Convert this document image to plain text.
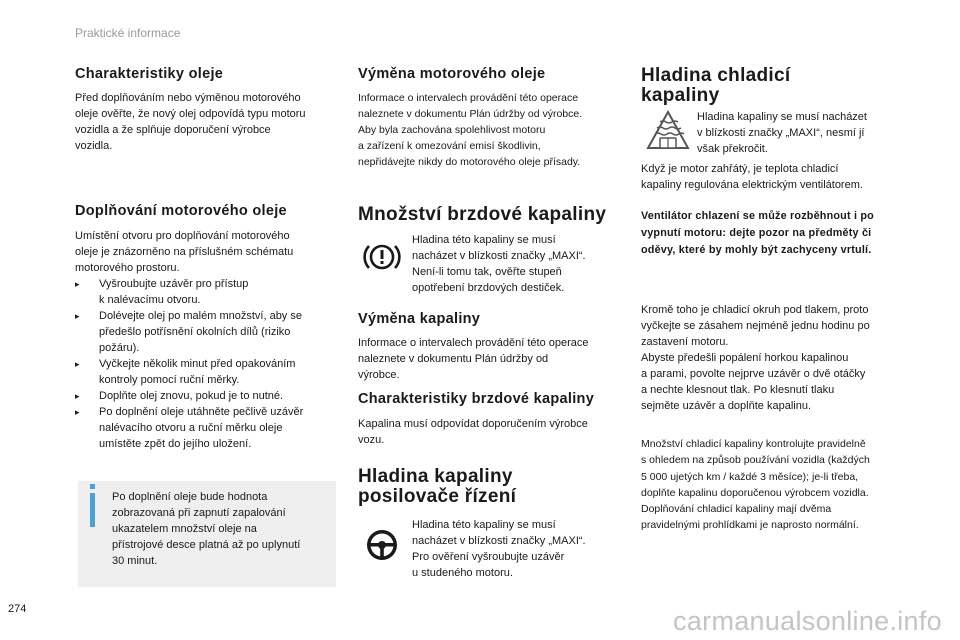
Praktické informace
274	carmanualsonline.info
Charakteristiky oleje
Před doplňováním nebo výměnou motorového
oleje ověřte, že nový olej odpovídá typu motoru
vozidla a že splňuje doporučení výrobce
vozidla.
Doplňování motorového oleje
Umístění otvoru pro doplňování motorového
oleje je znázorněno na příslušném schématu
motorového prostoru.
▸ Vyšroubujte uzávěr pro přístup
k nalévacímu otvoru.
▸ Dolévejte olej po malém množství, aby se
předešlo potřísnění okolních dílů (riziko
požáru).
▸ Vyčkejte několik minut před opakováním
kontroly pomocí ruční měrky.
▸ Doplňte olej znovu, pokud je to nutné.
▸ Po doplnění oleje utáhněte pečlivě uzávěr
nalévacího otvoru a ruční měrku oleje
umístěte zpět do jejího uložení.
Po doplnění oleje bude hodnota
zobrazovaná při zapnutí zapalování
ukazatelem množství oleje na
přístrojové desce platná až po uplynutí
30 minut.
Výměna motorového oleje
Informace o intervalech provádění této operace
naleznete v dokumentu Plán údržby od výrobce.
Aby byla zachována spolehlivost motoru
a zařízení k omezování emisí škodlivin,
nepřidávejte nikdy do motorového oleje přísady.
Množství brzdové kapaliny
Hladina této kapaliny se musí
nacházet v blízkosti značky „MAXI“.
Není-li tomu tak, ověřte stupeň
opotřebení brzdových destiček.
Výměna kapaliny
Informace o intervalech provádění této operace
naleznete v dokumentu Plán údržby od
výrobce.
Charakteristiky brzdové kapaliny
Kapalina musí odpovídat doporučením výrobce
vozu.
Hladina kapaliny
posilovače řízení
Hladina této kapaliny se musí
nacházet v blízkosti značky „MAXI“.
Pro ověření vyšroubujte uzávěr
u studeného motoru.
Hladina chladicí
kapaliny
Hladina kapaliny se musí nacházet
v blízkosti značky „MAXI“, nesmí jí
však překročit.
Když je motor zahřátý, je teplota chladicí
kapaliny regulována elektrickým ventilátorem.
Ventilátor chlazení se může rozběhnout i po
vypnutí motoru: dejte pozor na předměty či
oděvy, které by mohly být zachyceny vrtulí.
Kromě toho je chladicí okruh pod tlakem, proto
vyčkejte se zásahem nejméně jednu hodinu po
zastavení motoru.
Abyste předešli popálení horkou kapalinou
a parami, povolte nejprve uzávěr o dvě otáčky
a nechte klesnout tlak. Po klesnutí tlaku
sejměte uzávěr a doplňte kapalinu.
Množství chladicí kapaliny kontrolujte pravidelně
s ohledem na způsob používání vozidla (každých
5 000 ujetých km / každé 3 měsíce); je-li třeba,
doplňte kapalinu doporučenou výrobcem vozidla.
Doplňování chladicí kapaliny mají dvěma
pravidelnými prohlídkami je naprosto normální.
